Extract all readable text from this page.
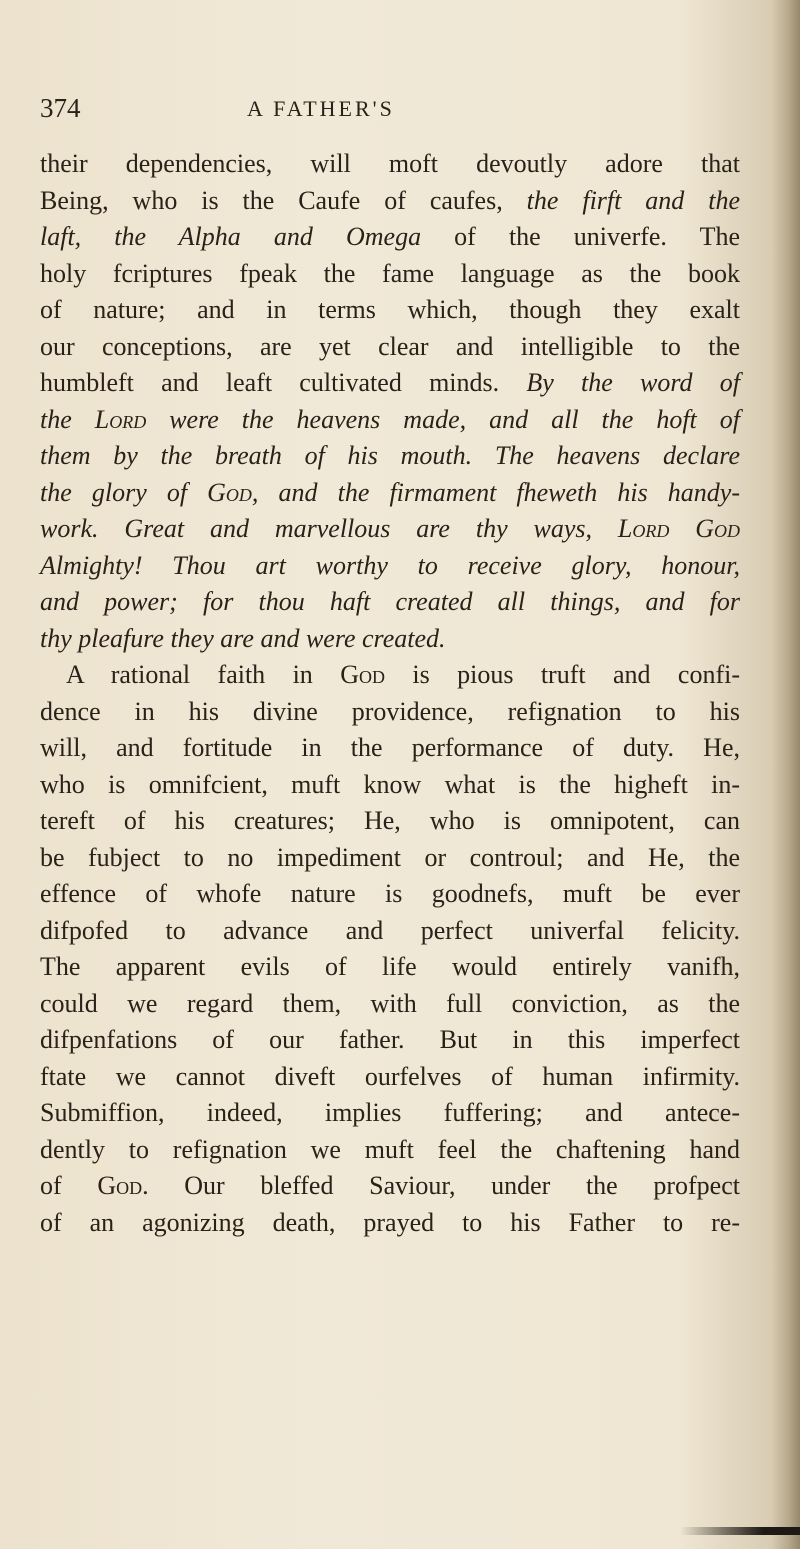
374	A FATHER'S
their dependencies, will moft devoutly adore that
Being, who is the Caufe of caufes, the firft and the
laft, the Alpha and Omega of the univerfe. The
holy fcriptures fpeak the fame language as the book
of nature; and in terms which, though they exalt
our conceptions, are yet clear and intelligible to the
humbleft and leaft cultivated minds. By the word of
the Lord were the heavens made, and all the hoft of
them by the breath of his mouth. The heavens declare
the glory of God, and the firmament fheweth his handy-
work. Great and marvellous are thy ways, Lord God
Almighty! Thou art worthy to receive glory, honour,
and power; for thou haft created all things, and for
thy pleafure they are and were created.
A rational faith in God is pious truft and confi-
dence in his divine providence, refignation to his
will, and fortitude in the performance of duty. He,
who is omnifcient, muft know what is the higheft in-
tereft of his creatures; He, who is omnipotent, can
be fubject to no impediment or controul; and He, the
effence of whofe nature is goodnefs, muft be ever
difpofed to advance and perfect univerfal felicity.
The apparent evils of life would entirely vanifh,
could we regard them, with full conviction, as the
difpenfations of our father. But in this imperfect
ftate we cannot diveft ourfelves of human infirmity.
Submiffion, indeed, implies fuffering; and antece-
dently to refignation we muft feel the chaftening hand
of God. Our bleffed Saviour, under the profpect
of an agonizing death, prayed to his Father to re-
